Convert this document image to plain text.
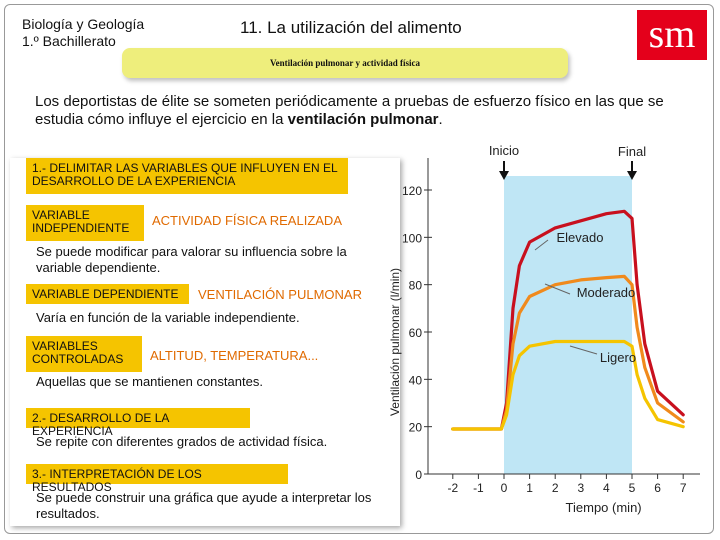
Biología y Geología
1.º Bachillerato
11. La utilización del alimento	sm
Ventilación pulmonar y actividad física
Los deportistas de élite se someten periódicamente a pruebas de esfuerzo físico en las que se estudia cómo influye el ejercicio en la ventilación pulmonar.
1.- DELIMITAR LAS VARIABLES QUE INFLUYEN EN EL DESARROLLO DE LA EXPERIENCIA
VARIABLE INDEPENDIENTE	ACTIVIDAD FÍSICA REALIZADA
Se puede modificar para valorar su influencia sobre la variable dependiente.
VARIABLE DEPENDIENTE	VENTILACIÓN PULMONAR
Varía en función de la variable independiente.
VARIABLES CONTROLADAS	ALTITUD, TEMPERATURA...
Aquellas que se mantienen constantes.
2.- DESARROLLO DE LA EXPERIENCIA
Se repite con diferentes grados de actividad física.
3.- INTERPRETACIÓN DE LOS RESULTADOS
Se puede construir una gráfica que ayude a interpretar los resultados.
0
20
40
60
80
100
120
-2 -1 0 1 2 3 4 5 6 7
Tiempo (min)
Ventilación pulmonar (l/min)
Inicio	Final
Elevado
Moderado
Ligero
